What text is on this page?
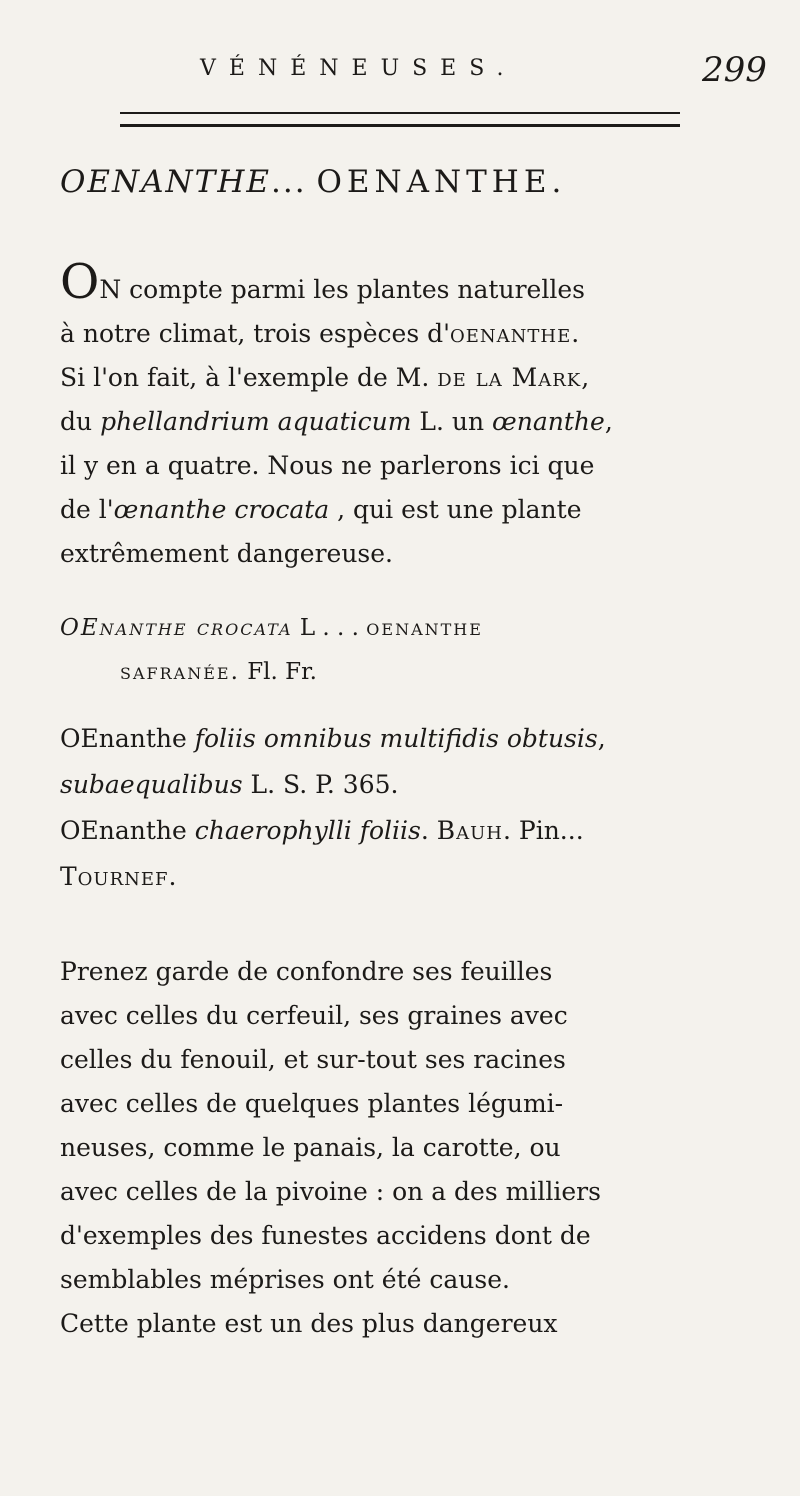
VÉNÉNEUSES.	299
OENANTHE... OENANTHE.
ON compte parmi les plantes naturelles
à notre climat, trois espèces d'oenanthe.
Si l'on fait, à l'exemple de M. de la Mark,
du phellandrium aquaticum L. un œnanthe,
il y en a quatre. Nous ne parlerons ici que
de l'œnanthe crocata , qui est une plante
extrêmement dangereuse.
OEnanthe crocata L . . . oenanthe
safranée. Fl. Fr.
OEnanthe foliis omnibus multifidis obtusis,
subaequalibus L. S. P. 365.
OEnanthe chaerophylli foliis. Bauh. Pin...
Tournef.
Prenez garde de confondre ses feuilles
avec celles du cerfeuil, ses graines avec
celles du fenouil, et sur-tout ses racines
avec celles de quelques plantes légumi-
neuses, comme le panais, la carotte, ou
avec celles de la pivoine : on a des milliers
d'exemples des funestes accidens dont de
semblables méprises ont été cause.
Cette plante est un des plus dangereux
